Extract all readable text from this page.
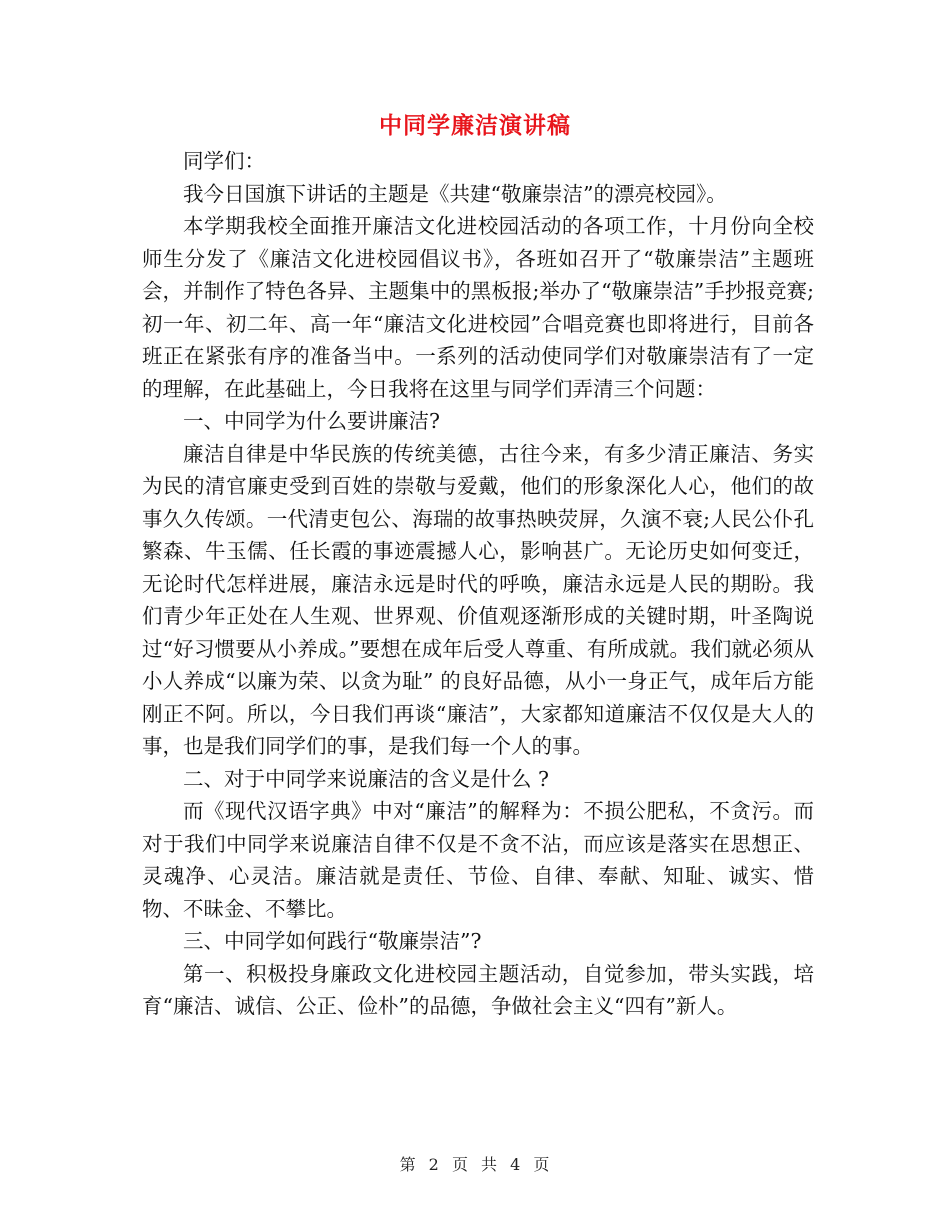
中同学廉洁演讲稿

同学们：

我今日国旗下讲话的主题是《共建“敬廉崇洁”的漂亮校园》。

本学期我校全面推开廉洁文化进校园活动的各项工作，十月份向全校师生分发了《廉洁文化进校园倡议书》，各班如召开了“敬廉崇洁”主题班会，并制作了特色各异、主题集中的黑板报;举办了“敬廉崇洁”手抄报竞赛;初一年、初二年、高一年“廉洁文化进校园”合唱竞赛也即将进行，目前各班正在紧张有序的准备当中。一系列的活动使同学们对敬廉崇洁有了一定的理解，在此基础上，今日我将在这里与同学们弄清三个问题：

一、中同学为什么要讲廉洁?

廉洁自律是中华民族的传统美德，古往今来，有多少清正廉洁、务实为民的清官廉吏受到百姓的崇敬与爱戴，他们的形象深化人心，他们的故事久久传颂。一代清吏包公、海瑞的故事热映荧屏，久演不衰;人民公仆孔繁森、牛玉儒、任长霞的事迹震撼人心，影响甚广。无论历史如何变迁，无论时代怎样进展，廉洁永远是时代的呼唤，廉洁永远是人民的期盼。我们青少年正处在人生观、世界观、价值观逐渐形成的关键时期，叶圣陶说过“好习惯要从小养成。”要想在成年后受人尊重、有所成就。我们就必须从小人养成“以廉为荣、以贪为耻” 的良好品德，从小一身正气，成年后方能刚正不阿。所以，今日我们再谈“廉洁”，大家都知道廉洁不仅仅是大人的事，也是我们同学们的事，是我们每一个人的事。

二、对于中同学来说廉洁的含义是什么 ?

而《现代汉语字典》中对“廉洁”的解释为：不损公肥私，不贪污。而对于我们中同学来说廉洁自律不仅是不贪不沾，而应该是落实在思想正、灵魂净、心灵洁。廉洁就是责任、节俭、自律、奉献、知耻、诚实、惜物、不昧金、不攀比。

三、中同学如何践行“敬廉崇洁”?

第一、积极投身廉政文化进校园主题活动，自觉参加，带头实践，培育“廉洁、诚信、公正、俭朴”的品德，争做社会主义“四有”新人。

第 2 页 共 4 页
